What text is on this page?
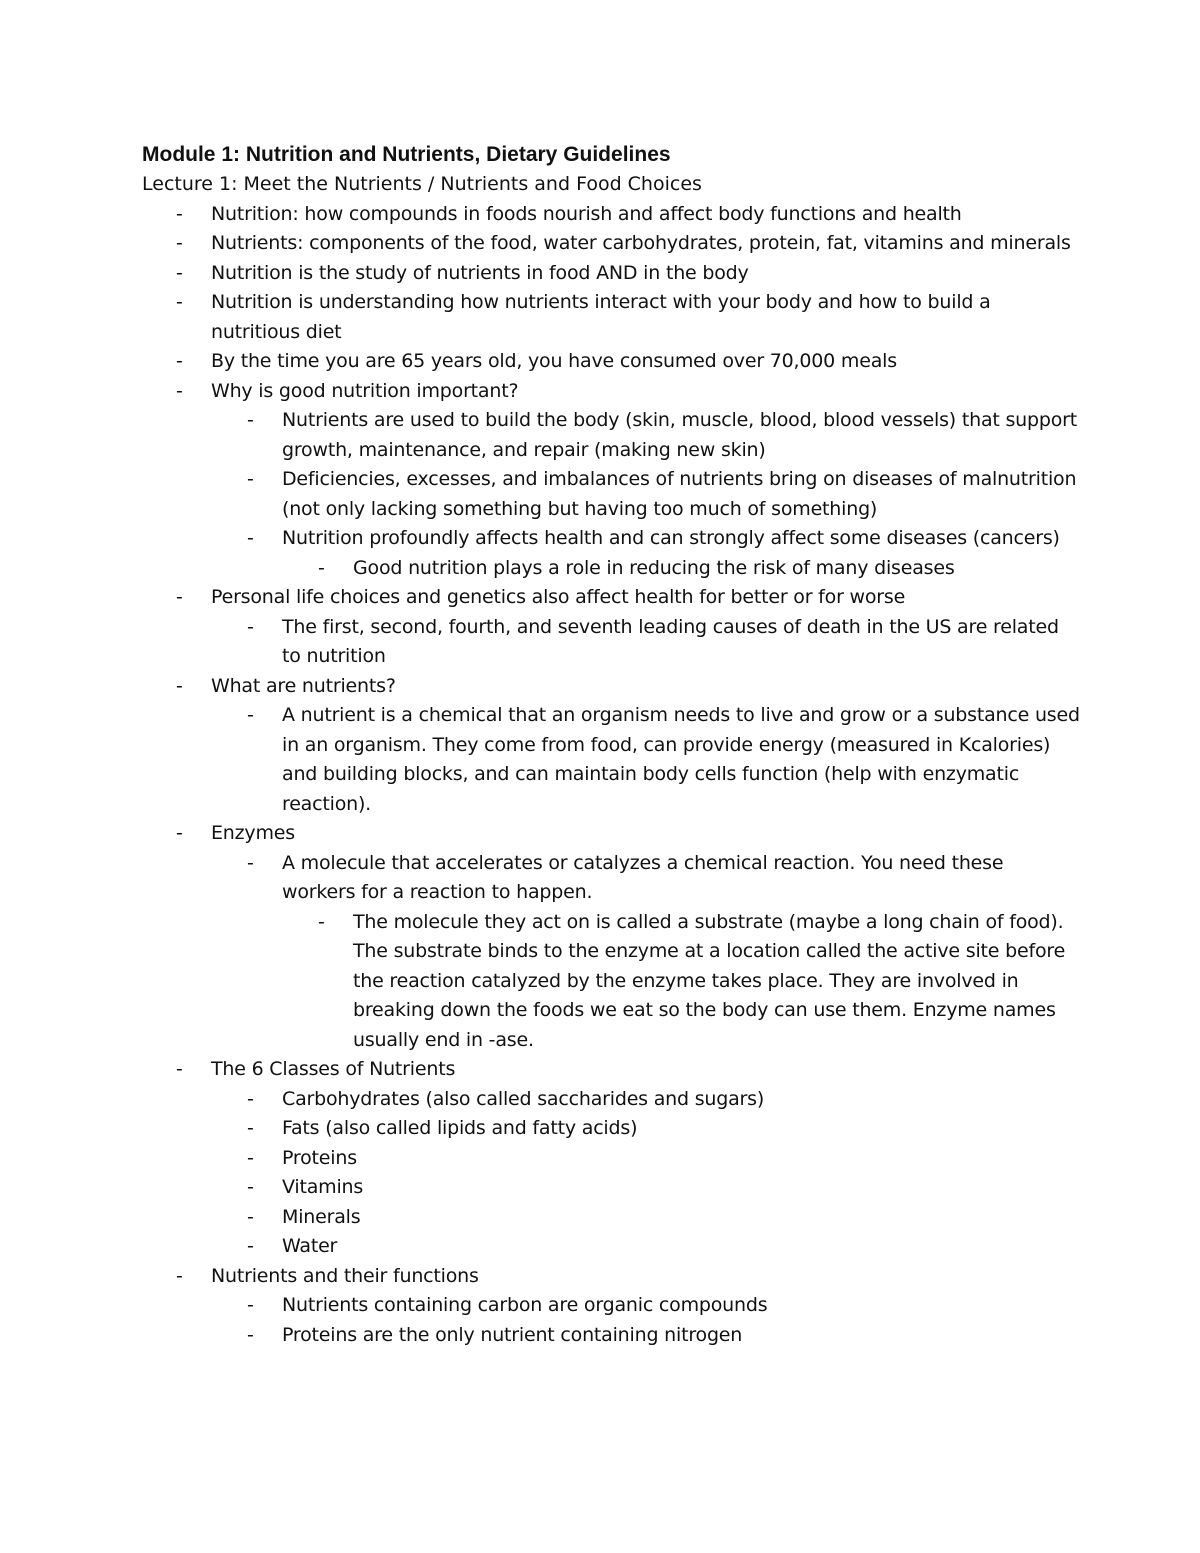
Module 1: Nutrition and Nutrients, Dietary Guidelines

Lecture 1: Meet the Nutrients / Nutrients and Food Choices

- Nutrition: how compounds in foods nourish and affect body functions and health
- Nutrients: components of the food, water carbohydrates, protein, fat, vitamins and minerals
- Nutrition is the study of nutrients in food AND in the body
- Nutrition is understanding how nutrients interact with your body and how to build a nutritious diet
- By the time you are 65 years old, you have consumed over 70,000 meals
- Why is good nutrition important?
- Nutrients are used to build the body (skin, muscle, blood, blood vessels) that support growth, maintenance, and repair (making new skin)
- Deficiencies, excesses, and imbalances of nutrients bring on diseases of malnutrition (not only lacking something but having too much of something)
- Nutrition profoundly affects health and can strongly affect some diseases (cancers)
- Good nutrition plays a role in reducing the risk of many diseases
- Personal life choices and genetics also affect health for better or for worse
- The first, second, fourth, and seventh leading causes of death in the US are related to nutrition
- What are nutrients?
- A nutrient is a chemical that an organism needs to live and grow or a substance used in an organism. They come from food, can provide energy (measured in Kcalories) and building blocks, and can maintain body cells function (help with enzymatic reaction).
- Enzymes
- A molecule that accelerates or catalyzes a chemical reaction. You need these workers for a reaction to happen.
- The molecule they act on is called a substrate (maybe a long chain of food). The substrate binds to the enzyme at a location called the active site before the reaction catalyzed by the enzyme takes place. They are involved in breaking down the foods we eat so the body can use them. Enzyme names usually end in -ase.
- The 6 Classes of Nutrients
- Carbohydrates (also called saccharides and sugars)
- Fats (also called lipids and fatty acids)
- Proteins
- Vitamins
- Minerals
- Water
- Nutrients and their functions
- Nutrients containing carbon are organic compounds
- Proteins are the only nutrient containing nitrogen
